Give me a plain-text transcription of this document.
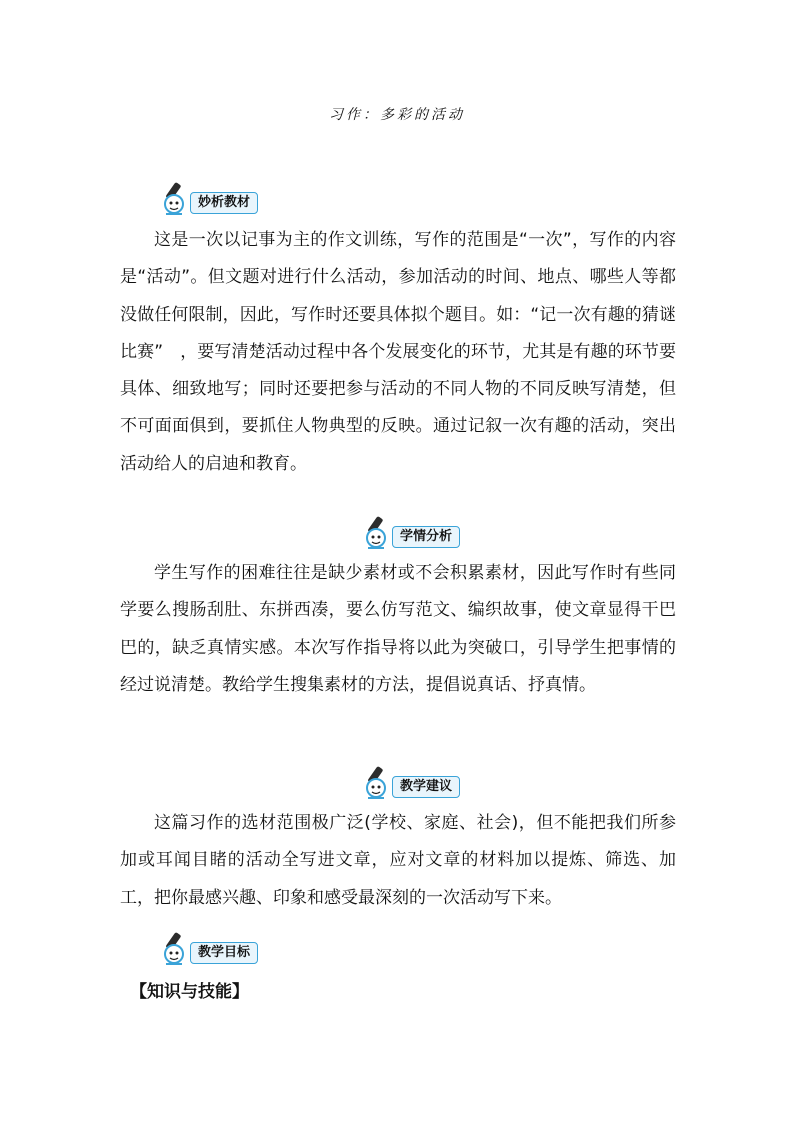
习作：多彩的活动
妙析教材

这是一次以记事为主的作文训练，写作的范围是“一次”，写作的内容是“活动”。但文题对进行什么活动，参加活动的时间、地点、哪些人等都没做任何限制，因此，写作时还要具体拟个题目。如：“记一次有趣的猜谜比赛”　，要写清楚活动过程中各个发展变化的环节，尤其是有趣的环节要具体、细致地写；同时还要把参与活动的不同人物的不同反映写清楚，但不可面面俱到，要抓住人物典型的反映。通过记叙一次有趣的活动，突出活动给人的启迪和教育。

学情分析

学生写作的困难往往是缺少素材或不会积累素材，因此写作时有些同学要么搜肠刮肚、东拼西凑，要么仿写范文、编织故事，使文章显得干巴巴的，缺乏真情实感。本次写作指导将以此为突破口，引导学生把事情的经过说清楚。教给学生搜集素材的方法，提倡说真话、抒真情。

教学建议

这篇习作的选材范围极广泛(学校、家庭、社会)，但不能把我们所参加或耳闻目睹的活动全写进文章，应对文章的材料加以提炼、筛选、加工，把你最感兴趣、印象和感受最深刻的一次活动写下来。

教学目标
【知识与技能】
